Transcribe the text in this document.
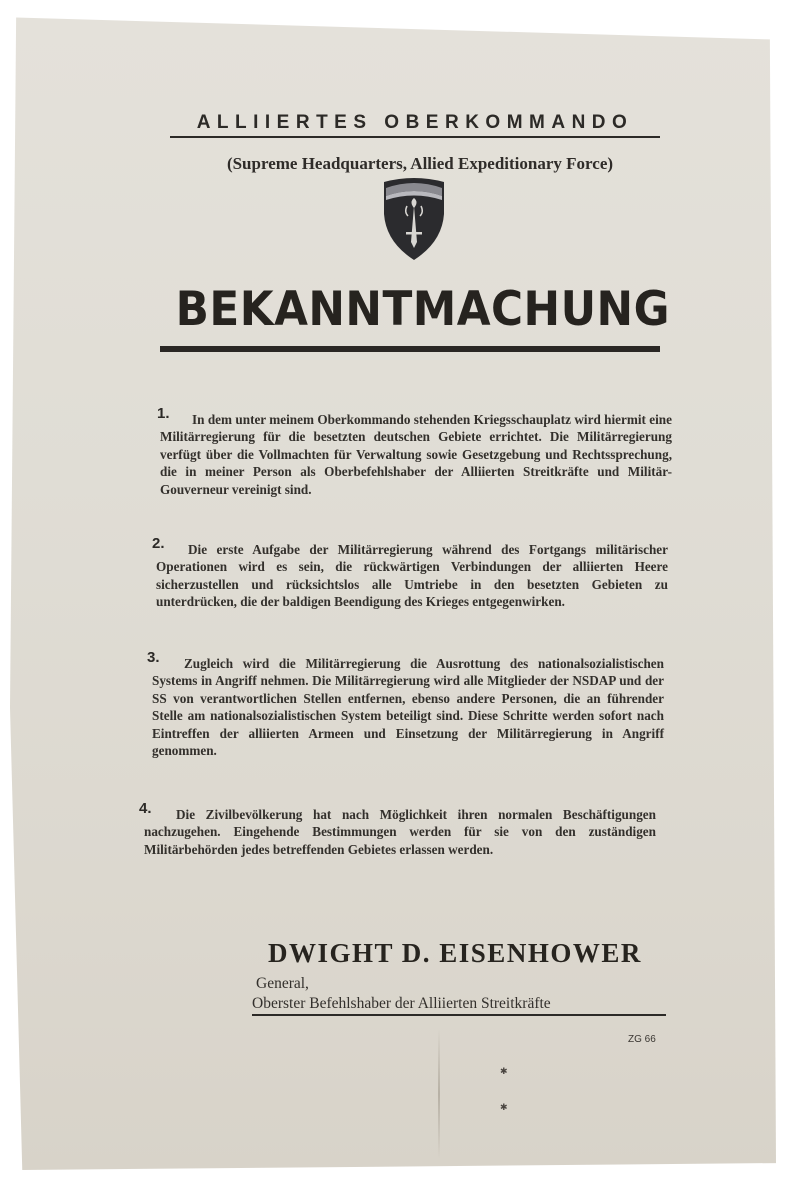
ALLIIERTES OBERKOMMANDO
(Supreme Headquarters, Allied Expeditionary Force)
BEKANNTMACHUNG
1.	In dem unter meinem Oberkommando stehenden Kriegsschauplatz wird hiermit eine Militärregierung für die besetzten deutschen Gebiete errichtet. Die Militärregierung verfügt über die Vollmachten für Verwaltung sowie Gesetzgebung und Rechtssprechung, die in meiner Person als Oberbefehlshaber der Alliierten Streitkräfte und Militär-Gouverneur vereinigt sind.

2.	Die erste Aufgabe der Militärregierung während des Fortgangs militärischer Operationen wird es sein, die rückwärtigen Verbindungen der alliierten Heere sicherzustellen und rücksichtslos alle Umtriebe in den besetzten Gebieten zu unterdrücken, die der baldigen Beendigung des Krieges entgegenwirken.

3.	Zugleich wird die Militärregierung die Ausrottung des nationalsozialistischen Systems in Angriff nehmen. Die Militärregierung wird alle Mitglieder der NSDAP und der SS von verantwortlichen Stellen entfernen, ebenso andere Personen, die an führender Stelle am nationalsozialistischen System beteiligt sind. Diese Schritte werden sofort nach Eintreffen der alliierten Armeen und Einsetzung der Militärregierung in Angriff genommen.

4.	Die Zivilbevölkerung hat nach Möglichkeit ihren normalen Beschäftigungen nachzugehen. Eingehende Bestimmungen werden für sie von den zuständigen Militärbehörden jedes betreffenden Gebietes erlassen werden.

DWIGHT D. EISENHOWER
General,
Oberster Befehlshaber der Alliierten Streitkräfte
ZG 66
✱
✱
